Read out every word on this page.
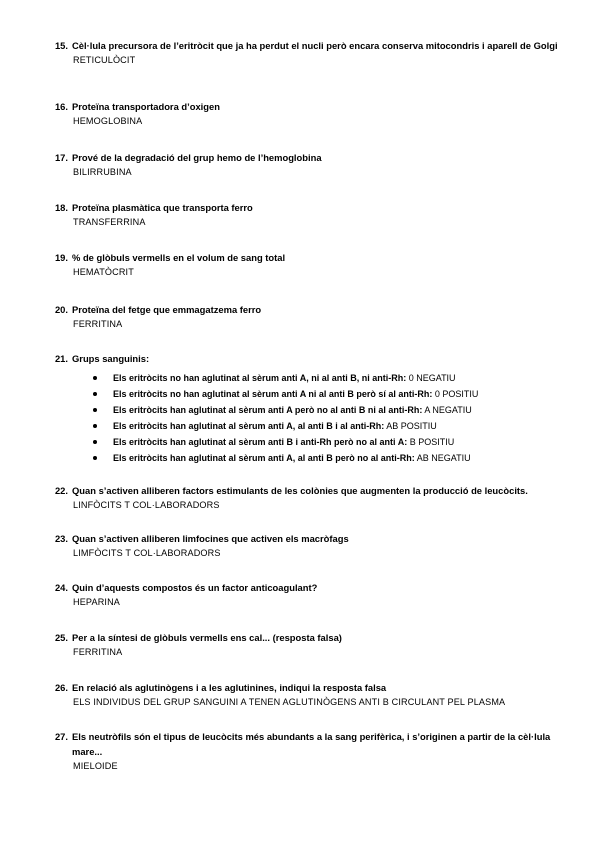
15. Cèl·lula precursora de l’eritròcit que ja ha perdut el nucli però encara conserva mitocondris i aparell de Golgi
RETICULÒCIT
16. Proteïna transportadora d’oxigen
HEMOGLOBINA
17. Prové de la degradació del grup hemo de l’hemoglobina
BILIRRUBINA
18. Proteïna plasmàtica que transporta ferro
TRANSFERRINA
19. % de glòbuls vermells en el volum de sang total
HEMATÒCRIT
20. Proteïna del fetge que emmagatzema ferro
FERRITINA
21. Grups sanguinis:
Els eritròcits no han aglutinat al sèrum anti A, ni al anti B, ni anti-Rh: 0 NEGATIU
Els eritròcits no han aglutinat al sèrum anti A ni al anti B però sí al anti-Rh: 0 POSITIU
Els eritròcits han aglutinat al sèrum anti A però no al anti B ni al anti-Rh: A NEGATIU
Els eritròcits han aglutinat al sèrum anti A, al anti B i al anti-Rh: AB POSITIU
Els eritròcits han aglutinat al sèrum anti B i anti-Rh però no al anti A: B POSITIU
Els eritròcits han aglutinat al sèrum anti A, al anti B però no al anti-Rh: AB NEGATIU
22. Quan s’activen alliberen factors estimulants de les colònies que augmenten la producció de leucòcits.
LINFÒCITS T COL·LABORADORS
23. Quan s’activen alliberen limfocines que activen els macròfags
LIMFÒCITS T COL·LABORADORS
24. Quin d’aquests compostos és un factor anticoagulant?
HEPARINA
25. Per a la síntesi de glòbuls vermells ens cal... (resposta falsa)
FERRITINA
26. En relació als aglutinògens i a les aglutinines, indiqui la resposta falsa
ELS INDIVIDUS DEL GRUP SANGUINI A TENEN AGLUTINÒGENS ANTI B CIRCULANT PEL PLASMA
27. Els neutròfils són el tipus de leucòcits més abundants a la sang perifèrica, i s’originen a partir de la cèl·lula mare...
MIELOIDE
